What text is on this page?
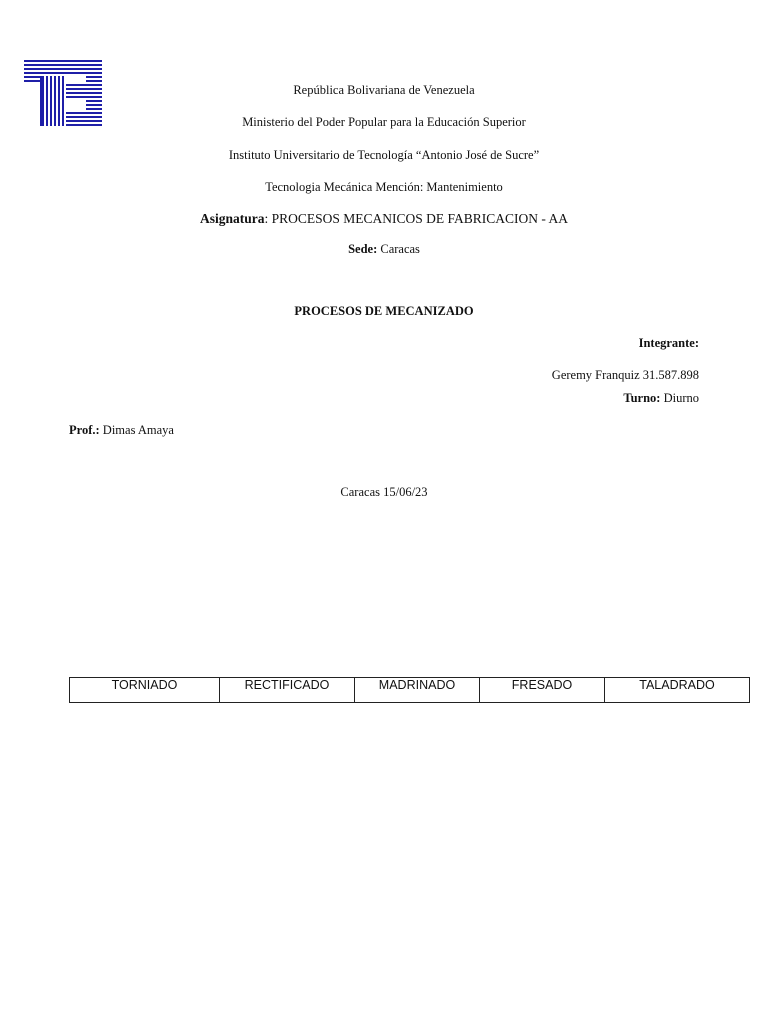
República Bolivariana de Venezuela
Ministerio del Poder Popular para la Educación Superior
Instituto Universitario de Tecnología “Antonio José de Sucre”
Tecnologia Mecánica Mención: Mantenimiento
Asignatura: PROCESOS MECANICOS DE FABRICACION - AA
Sede: Caracas
PROCESOS DE MECANIZADO
Integrante:
Geremy Franquiz 31.587.898
Turno: Diurno
Prof.: Dimas Amaya
Caracas 15/06/23
TORNIADO	RECTIFICADO	MADRINADO	FRESADO	TALADRADO
